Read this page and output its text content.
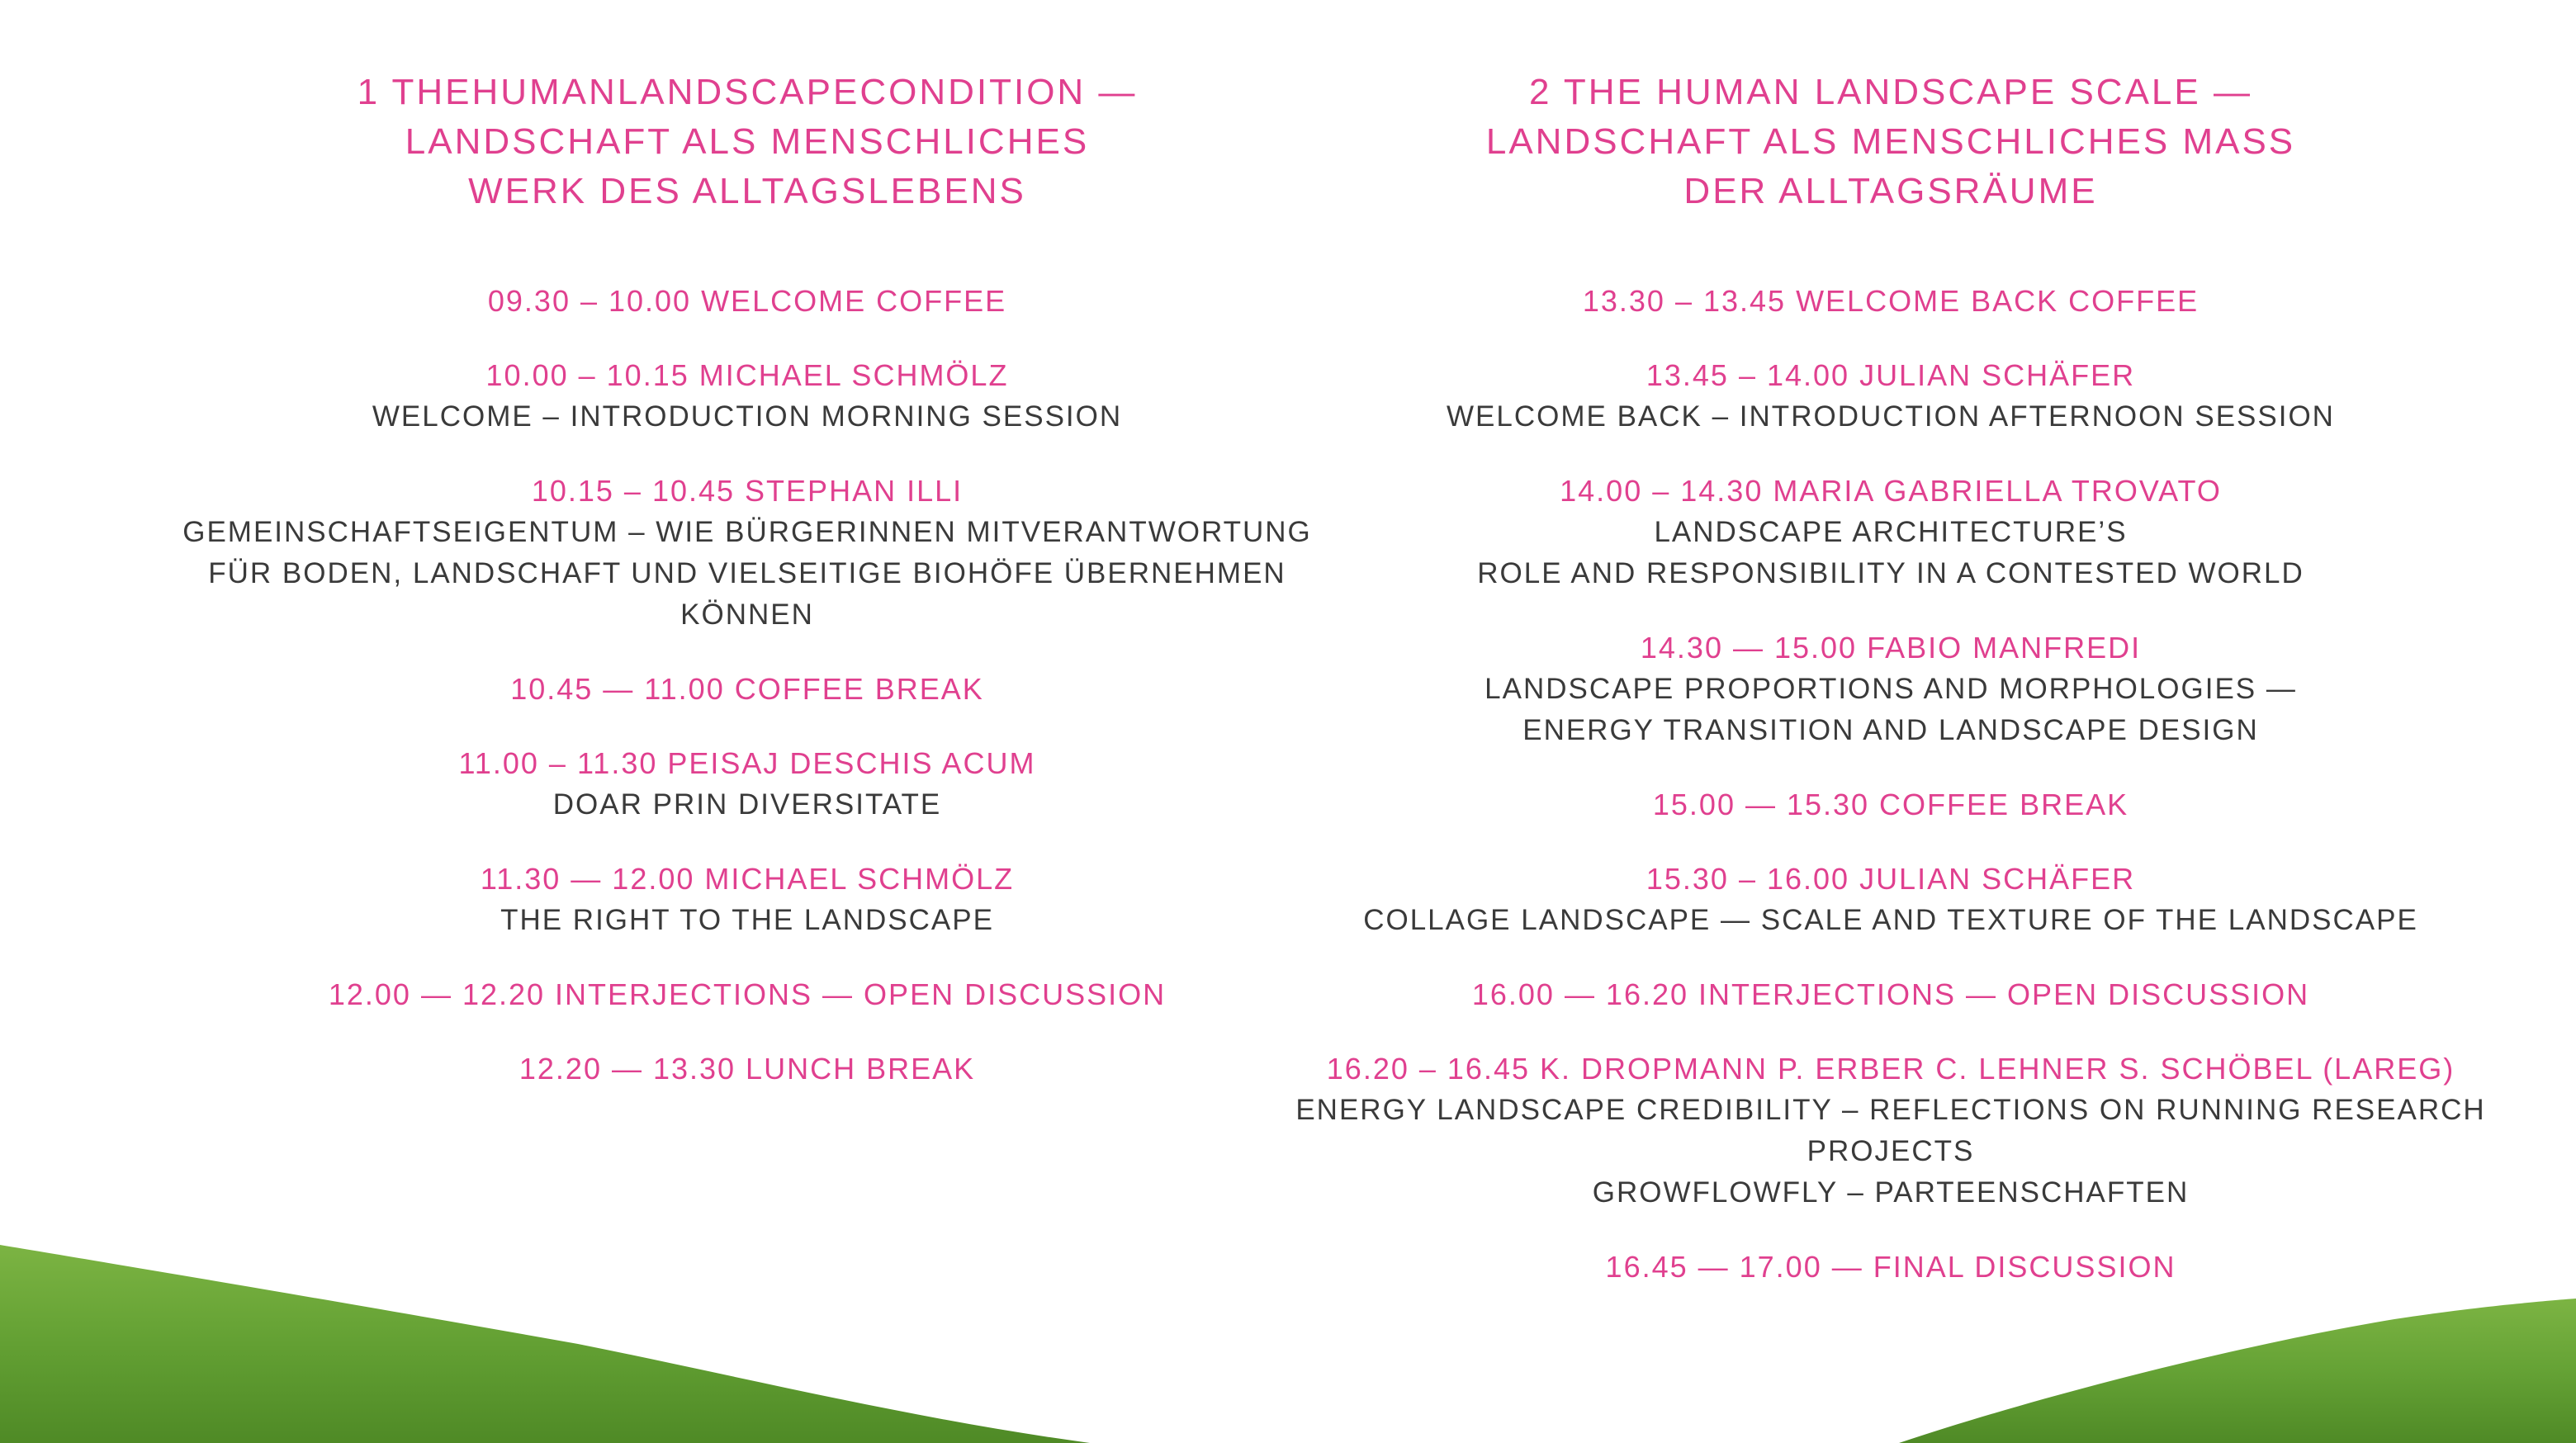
1 THEHUMANLANDSCAPECONDITION —
LANDSCHAFT ALS MENSCHLICHES
WERK DES ALLTAGSLEBENS
09.30 – 10.00 WELCOME COFFEE
10.00 – 10.15 MICHAEL SCHMÖLZ
WELCOME – INTRODUCTION MORNING SESSION
10.15 – 10.45 STEPHAN ILLI
GEMEINSCHAFTSEIGENTUM – WIE BÜRGERINNEN MITVERANTWORTUNG
FÜR BODEN, LANDSCHAFT UND VIELSEITIGE BIOHÖFE ÜBERNEHMEN KÖNNEN
10.45 — 11.00 COFFEE BREAK
11.00 – 11.30 PEISAJ DESCHIS ACUM
DOAR PRIN DIVERSITATE
11.30 — 12.00 MICHAEL SCHMÖLZ
THE RIGHT TO THE LANDSCAPE
12.00 — 12.20 INTERJECTIONS — OPEN DISCUSSION
12.20 — 13.30 LUNCH BREAK
2 THE HUMAN LANDSCAPE SCALE —
LANDSCHAFT ALS MENSCHLICHES MASS
DER ALLTAGSRÄUME
13.30 – 13.45 WELCOME BACK COFFEE
13.45 – 14.00 JULIAN SCHÄFER
WELCOME BACK – INTRODUCTION AFTERNOON SESSION
14.00 – 14.30 MARIA GABRIELLA TROVATO
LANDSCAPE ARCHITECTURE’S
ROLE AND RESPONSIBILITY IN A CONTESTED WORLD
14.30 — 15.00 FABIO MANFREDI
LANDSCAPE PROPORTIONS AND MORPHOLOGIES —
ENERGY TRANSITION AND LANDSCAPE DESIGN
15.00 — 15.30 COFFEE BREAK
15.30 – 16.00 JULIAN SCHÄFER
COLLAGE LANDSCAPE — SCALE AND TEXTURE OF THE LANDSCAPE
16.00 — 16.20 INTERJECTIONS — OPEN DISCUSSION
16.20 – 16.45 K. DROPMANN P. ERBER C. LEHNER S. SCHÖBEL (LAREG)
ENERGY LANDSCAPE CREDIBILITY – REFLECTIONS ON RUNNING RESEARCH PROJECTS
GROWFLOWFLY – PARTEENSCHAFTEN
16.45 — 17.00 — FINAL DISCUSSION
